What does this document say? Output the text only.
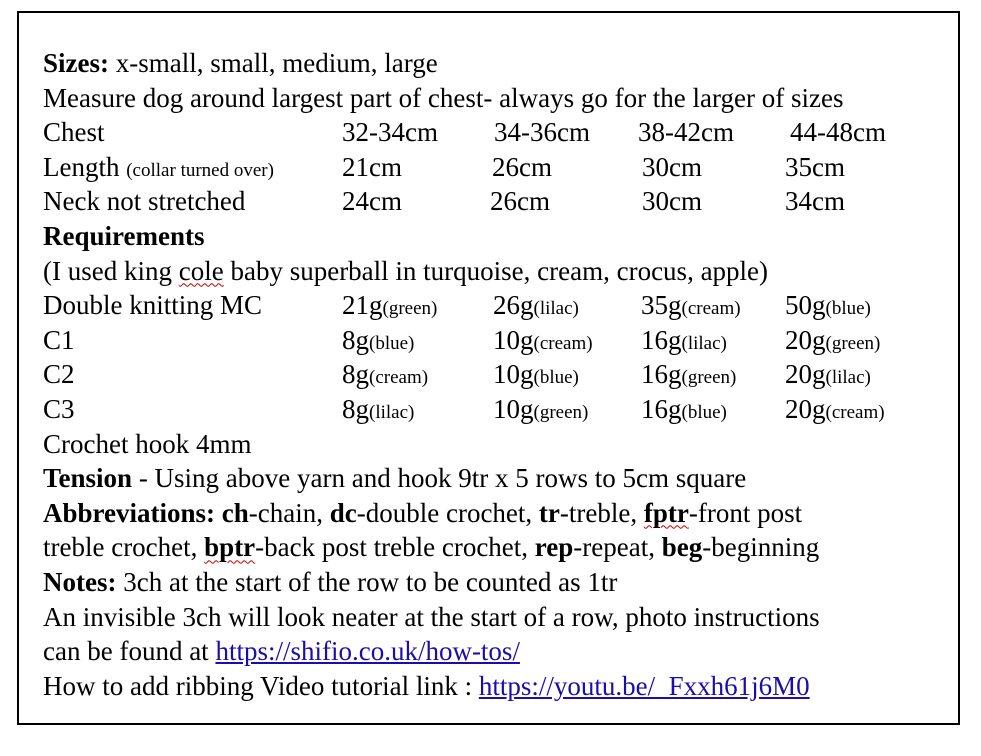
Sizes: x-small, small, medium, large
Measure dog around largest part of chest- always go for the larger of sizes
Chest	32-34cm 34-36cm 38-42cm 44-48cm
Length (collar turned over)	21cm	26cm	30cm	35cm
Neck not stretched	24cm	26cm	30cm	34cm
Requirements
(I used king cole baby superball in turquoise, cream, crocus, apple)
Double knitting MC	21g(green) 26g(lilac) 35g(cream) 50g(blue)
C1	8g(blue)	10g(cream) 16g(lilac) 20g(green)
C2	8g(cream) 10g(blue) 16g(green) 20g(lilac)
C3	8g(lilac)	10g(green) 16g(blue) 20g(cream)
Crochet hook 4mm
Tension - Using above yarn and hook 9tr x 5 rows to 5cm square
Abbreviations: ch-chain, dc-double crochet, tr-treble, fptr-front post
treble crochet, bptr-back post treble crochet, rep-repeat, beg-beginning
Notes: 3ch at the start of the row to be counted as 1tr
An invisible 3ch will look neater at the start of a row, photo instructions
can be found at https://shifio.co.uk/how-tos/
How to add ribbing Video tutorial link : https://youtu.be/_Fxxh61j6M0
